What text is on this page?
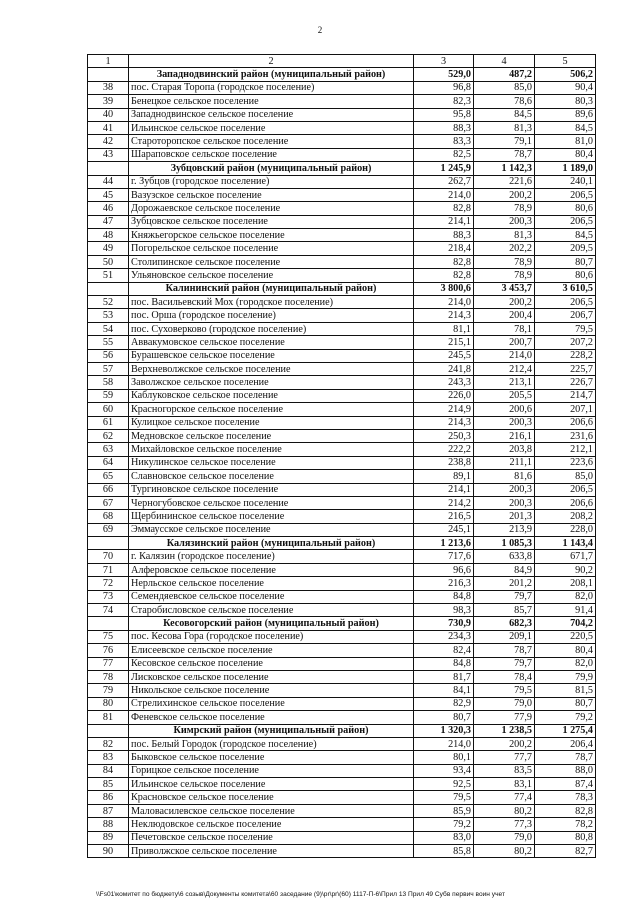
2
1	2	3	4	5
	Западнодвинский район (муниципальный район)	529,0	487,2	506,2
38	пос. Старая Торопа (городское поселение)	96,8	85,0	90,4
39	Бенецкое сельское поселение	82,3	78,6	80,3
40	Западнодвинское сельское поселение	95,8	84,5	89,6
41	Ильинское сельское поселение	88,3	81,3	84,5
42	Староторопское сельское поселение	83,3	79,1	81,0
43	Шараповское сельское поселение	82,5	78,7	80,4
	Зубцовский район (муниципальный район)	1 245,9	1 142,3	1 189,0
44	г. Зубцов (городское поселение)	262,7	221,6	240,1
45	Вазузское сельское поселение	214,0	200,2	206,5
46	Дорожаевское сельское поселение	82,8	78,9	80,6
47	Зубцовское сельское поселение	214,1	200,3	206,5
48	Княжьегорское сельское поселение	88,3	81,3	84,5
49	Погорельское сельское поселение	218,4	202,2	209,5
50	Столипинское сельское поселение	82,8	78,9	80,7
51	Ульяновское сельское поселение	82,8	78,9	80,6
	Калининский район (муниципальный район)	3 800,6	3 453,7	3 610,5
52	пос. Васильевский Мох (городское поселение)	214,0	200,2	206,5
53	пос. Орша (городское поселение)	214,3	200,4	206,7
54	пос. Суховерково (городское поселение)	81,1	78,1	79,5
55	Аввакумовское сельское поселение	215,1	200,7	207,2
56	Бурашевское сельское поселение	245,5	214,0	228,2
57	Верхневолжское сельское поселение	241,8	212,4	225,7
58	Заволжское сельское поселение	243,3	213,1	226,7
59	Каблуковское сельское поселение	226,0	205,5	214,7
60	Красногорское сельское поселение	214,9	200,6	207,1
61	Кулицкое сельское поселение	214,3	200,3	206,6
62	Медновское сельское поселение	250,3	216,1	231,6
63	Михайловское сельское поселение	222,2	203,8	212,1
64	Никулинское сельское поселение	238,8	211,1	223,6
65	Славновское сельское поселение	89,1	81,6	85,0
66	Тургиновское сельское поселение	214,1	200,3	206,5
67	Черногубовское сельское поселение	214,2	200,3	206,6
68	Щербининское сельское поселение	216,5	201,3	208,2
69	Эммаусское сельское поселение	245,1	213,9	228,0
	Калязинский район (муниципальный район)	1 213,6	1 085,3	1 143,4
70	г. Калязин (городское поселение)	717,6	633,8	671,7
71	Алферовское сельское поселение	96,6	84,9	90,2
72	Нерльское сельское поселение	216,3	201,2	208,1
73	Семендяевское сельское поселение	84,8	79,7	82,0
74	Старобисловское сельское поселение	98,3	85,7	91,4
	Кесовогорский район (муниципальный район)	730,9	682,3	704,2
75	пос. Кесова Гора (городское поселение)	234,3	209,1	220,5
76	Елисеевское сельское поселение	82,4	78,7	80,4
77	Кесовское сельское поселение	84,8	79,7	82,0
78	Лисковское сельское поселение	81,7	78,4	79,9
79	Никольское сельское поселение	84,1	79,5	81,5
80	Стрелихинское сельское поселение	82,9	79,0	80,7
81	Феневское сельское поселение	80,7	77,9	79,2
	Кимрский район (муниципальный район)	1 320,3	1 238,5	1 275,4
82	пос. Белый Городок (городское поселение)	214,0	200,2	206,4
83	Быковское сельское поселение	80,1	77,7	78,7
84	Горицкое сельское поселение	93,4	83,5	88,0
85	Ильинское сельское поселение	92,5	83,1	87,4
86	Красновское сельское поселение	79,5	77,4	78,3
87	Маловасилевское сельское поселение	85,9	80,2	82,8
88	Неклюдовское сельское поселение	79,2	77,3	78,2
89	Печетовское сельское поселение	83,0	79,0	80,8
90	Приволжское сельское поселение	85,8	80,2	82,7
\\Fs01\комитет по бюджету\6 созыв\Документы комитета\60 заседание (9)\pr\pr\(60) 1117-П-6\Прил 13 Прил 49 Субв первич воин учет
